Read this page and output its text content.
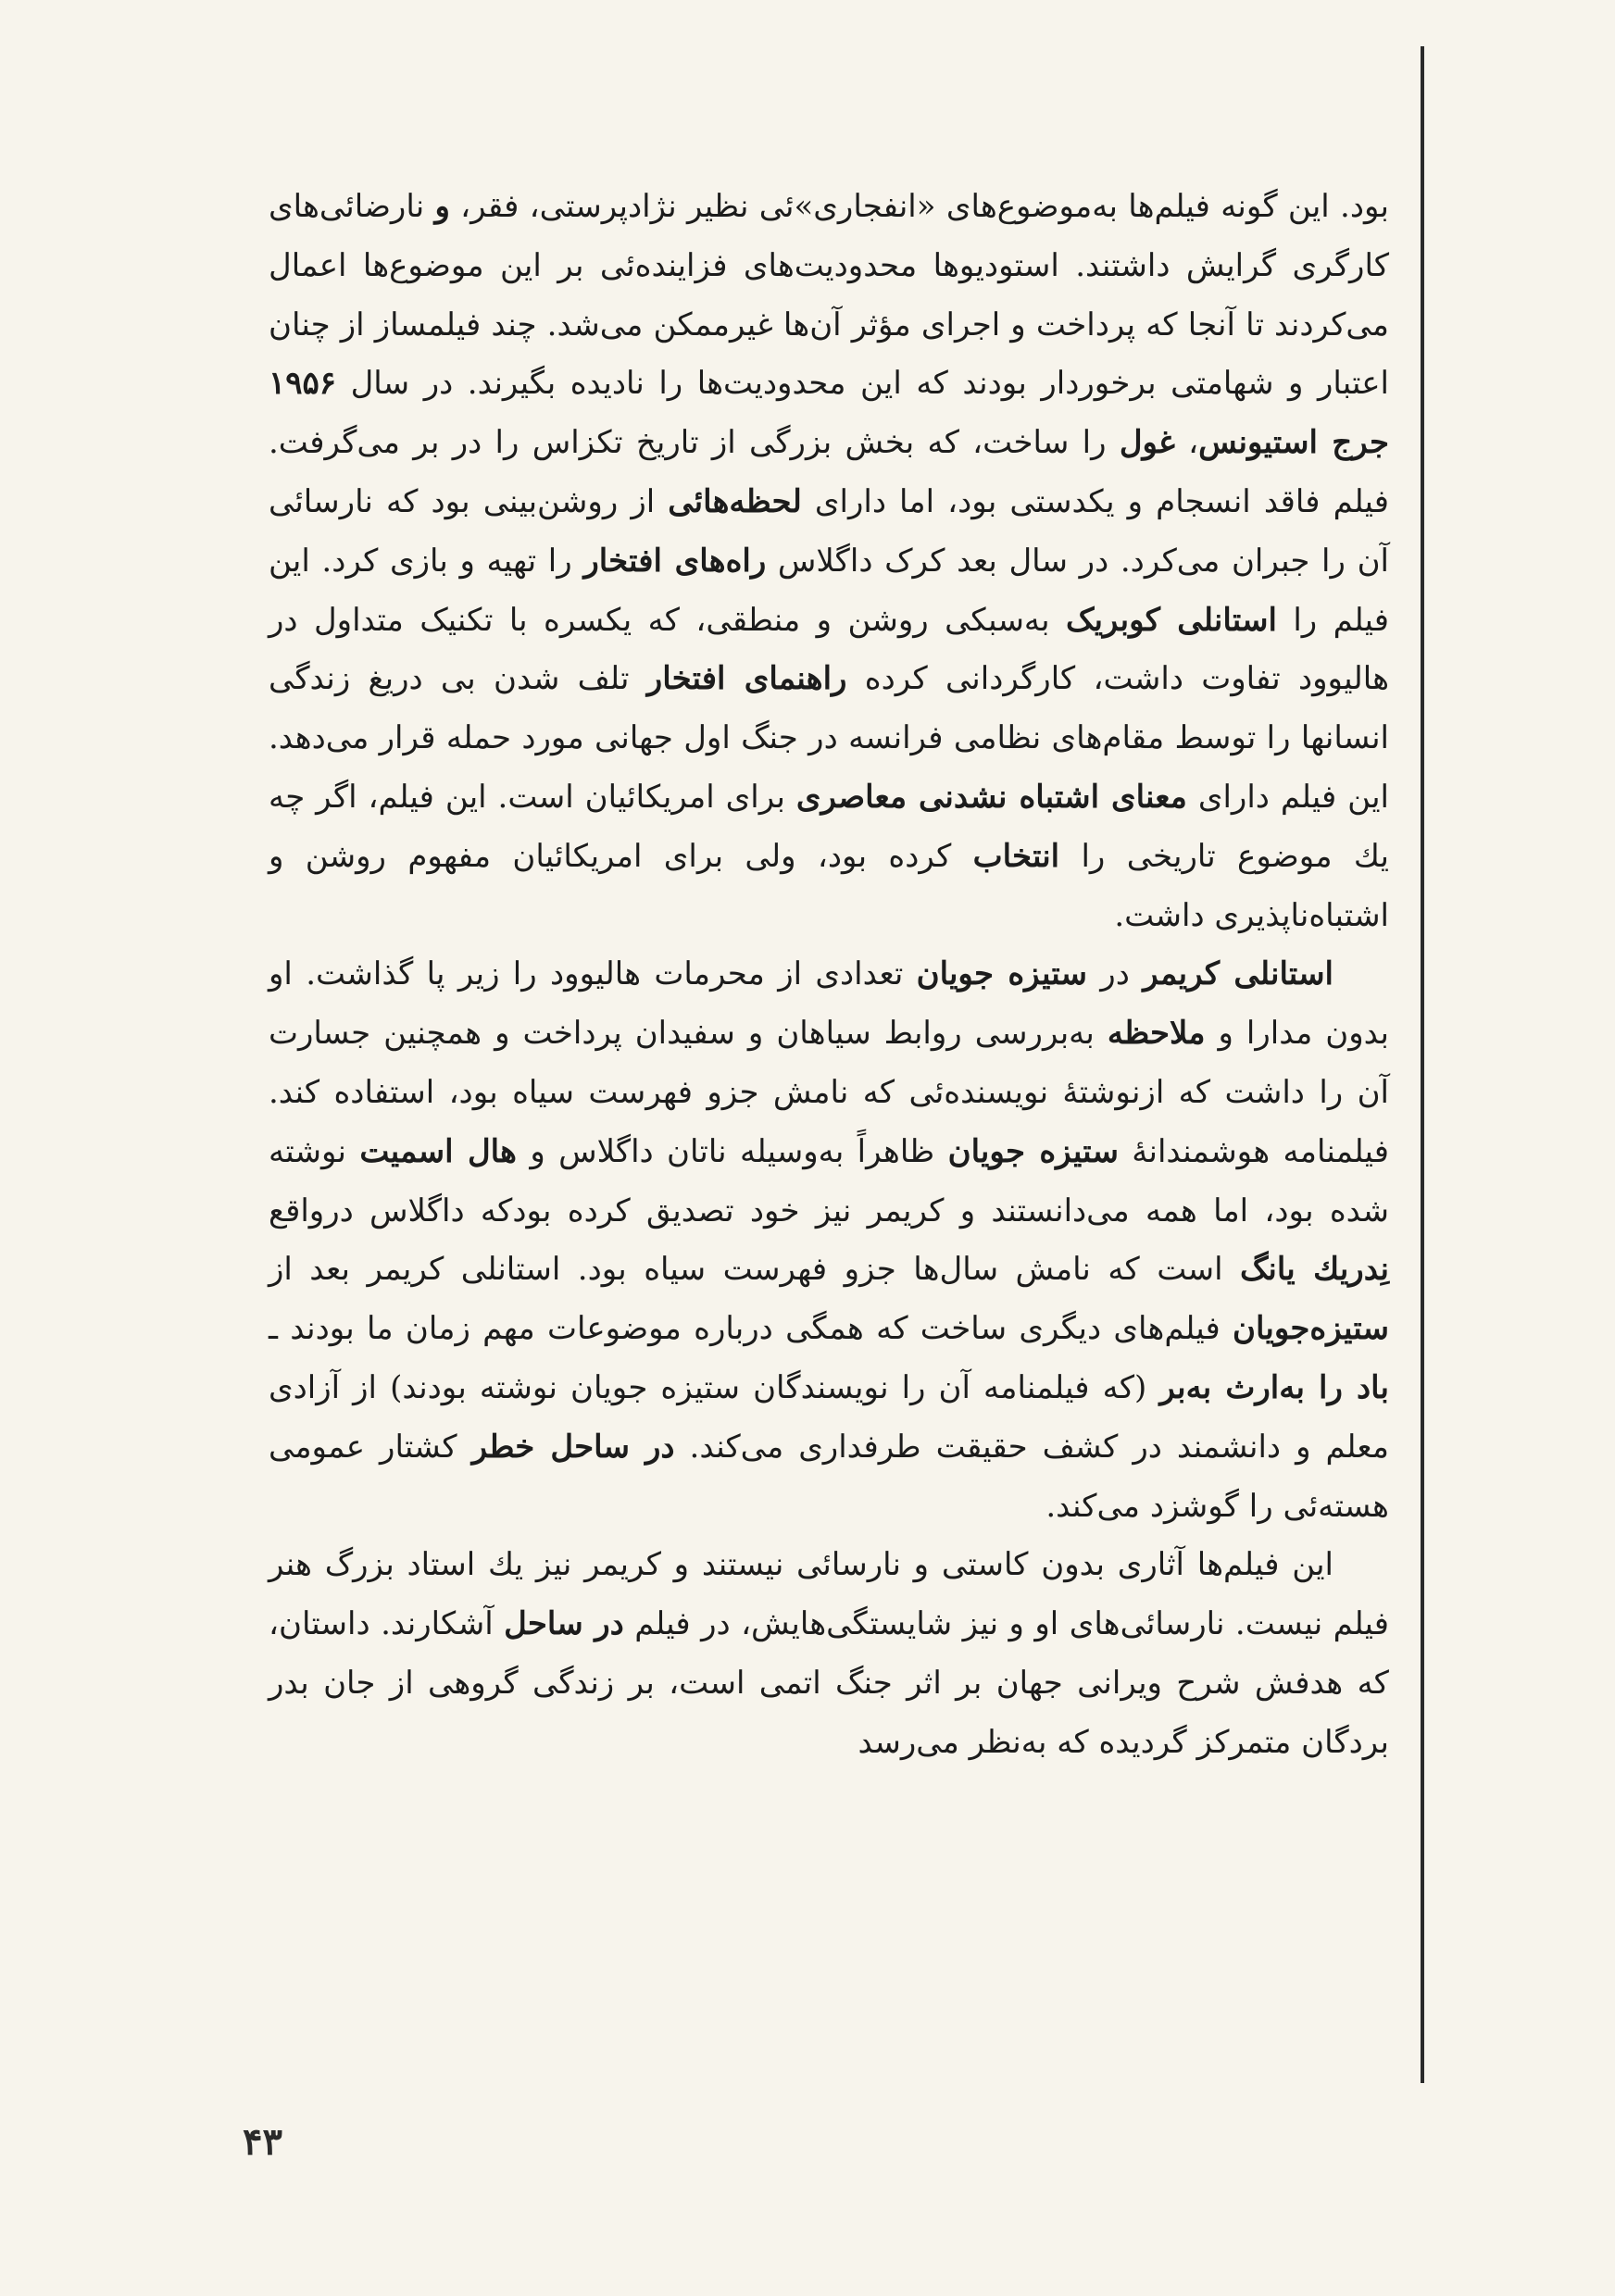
بود. این گونه فیلم‌ها به‌موضوع‌های «انفجاری»ئی نظیر نژادپرستی، فقر، و نارضائی‌های کارگری گرایش داشتند. استودیوها محدودیت‌های فزاینده‌ئی بر این موضوع‌ها اعمال می‌کردند تا آنجا که پرداخت و اجرای مؤثر آن‌ها غیرممکن می‌شد. چند فیلمساز از چنان اعتبار و شهامتی برخوردار بودند که این محدودیت‌ها را نادیده بگیرند. در سال ۱۹۵۶ جرج استیونس، غول را ساخت، که بخش بزرگی از تاریخ تکزاس را در بر می‌گرفت. فیلم فاقد انسجام و یکدستی بود، اما دارای لحظه‌هائی از روشن‌بینی بود که نارسائی آن را جبران می‌کرد. در سال بعد کرک داگلاس راه‌های افتخار را تهیه و بازی کرد. این فیلم را استانلی کوبریک به‌سبکی روشن و منطقی، که یکسره با تکنیک متداول در هالیوود تفاوت داشت، کارگردانی کرده راهنمای افتخار تلف شدن بی دریغ زندگی انسانها را توسط مقام‌های نظامی فرانسه در جنگ اول جهانی مورد حمله قرار می‌دهد. این فیلم دارای معنای اشتباه نشدنی معاصری برای امریکائیان است. این فیلم، اگر چه یك موضوع تاریخی را انتخاب کرده بود، ولی برای امریکائیان مفهوم روشن و اشتباه‌ناپذیری داشت.

استانلی کریمر در ستیزه جویان تعدادی از محرمات هالیوود را زیر پا گذاشت. او بدون مدارا و ملاحظه به‌بررسی روابط سیاهان و سفیدان پرداخت و همچنین جسارت آن را داشت که ازنوشتهٔ نویسنده‌ئی که نامش جزو فهرست سیاه بود، استفاده کند. فیلمنامه هوشمندانهٔ ستیزه جویان ظاهراً به‌وسیله ناتان داگلاس و هال اسمیت نوشته شده بود، اما همه می‌دانستند و کریمر نیز خود تصدیق کرده بودکه داگلاس درواقع نِدریك یانگ است که نامش سال‌ها جزو فهرست سیاه بود. استانلی کریمر بعد از ستیزه‌جویان فیلم‌های دیگری ساخت که همگی درباره موضوعات مهم زمان ما بودند ـ باد را به‌ارث به‌بر (که فیلمنامه آن را نویسندگان ستیزه جویان نوشته بودند) از آزادی معلم و دانشمند در کشف حقیقت طرفداری می‌کند. در ساحل خطر کشتار عمومی هسته‌ئی را گوشزد می‌کند.

این فیلم‌ها آثاری بدون کاستی و نارسائی نیستند و کریمر نیز یك استاد بزرگ هنر فیلم نیست. نارسائی‌های او و نیز شایستگی‌هایش، در فیلم در ساحل آشکارند. داستان، که هدفش شرح ویرانی جهان بر اثر جنگ اتمی است، بر زندگی گروهی از جان بدر بردگان متمرکز گردیده که به‌نظر می‌رسد

۴۳
